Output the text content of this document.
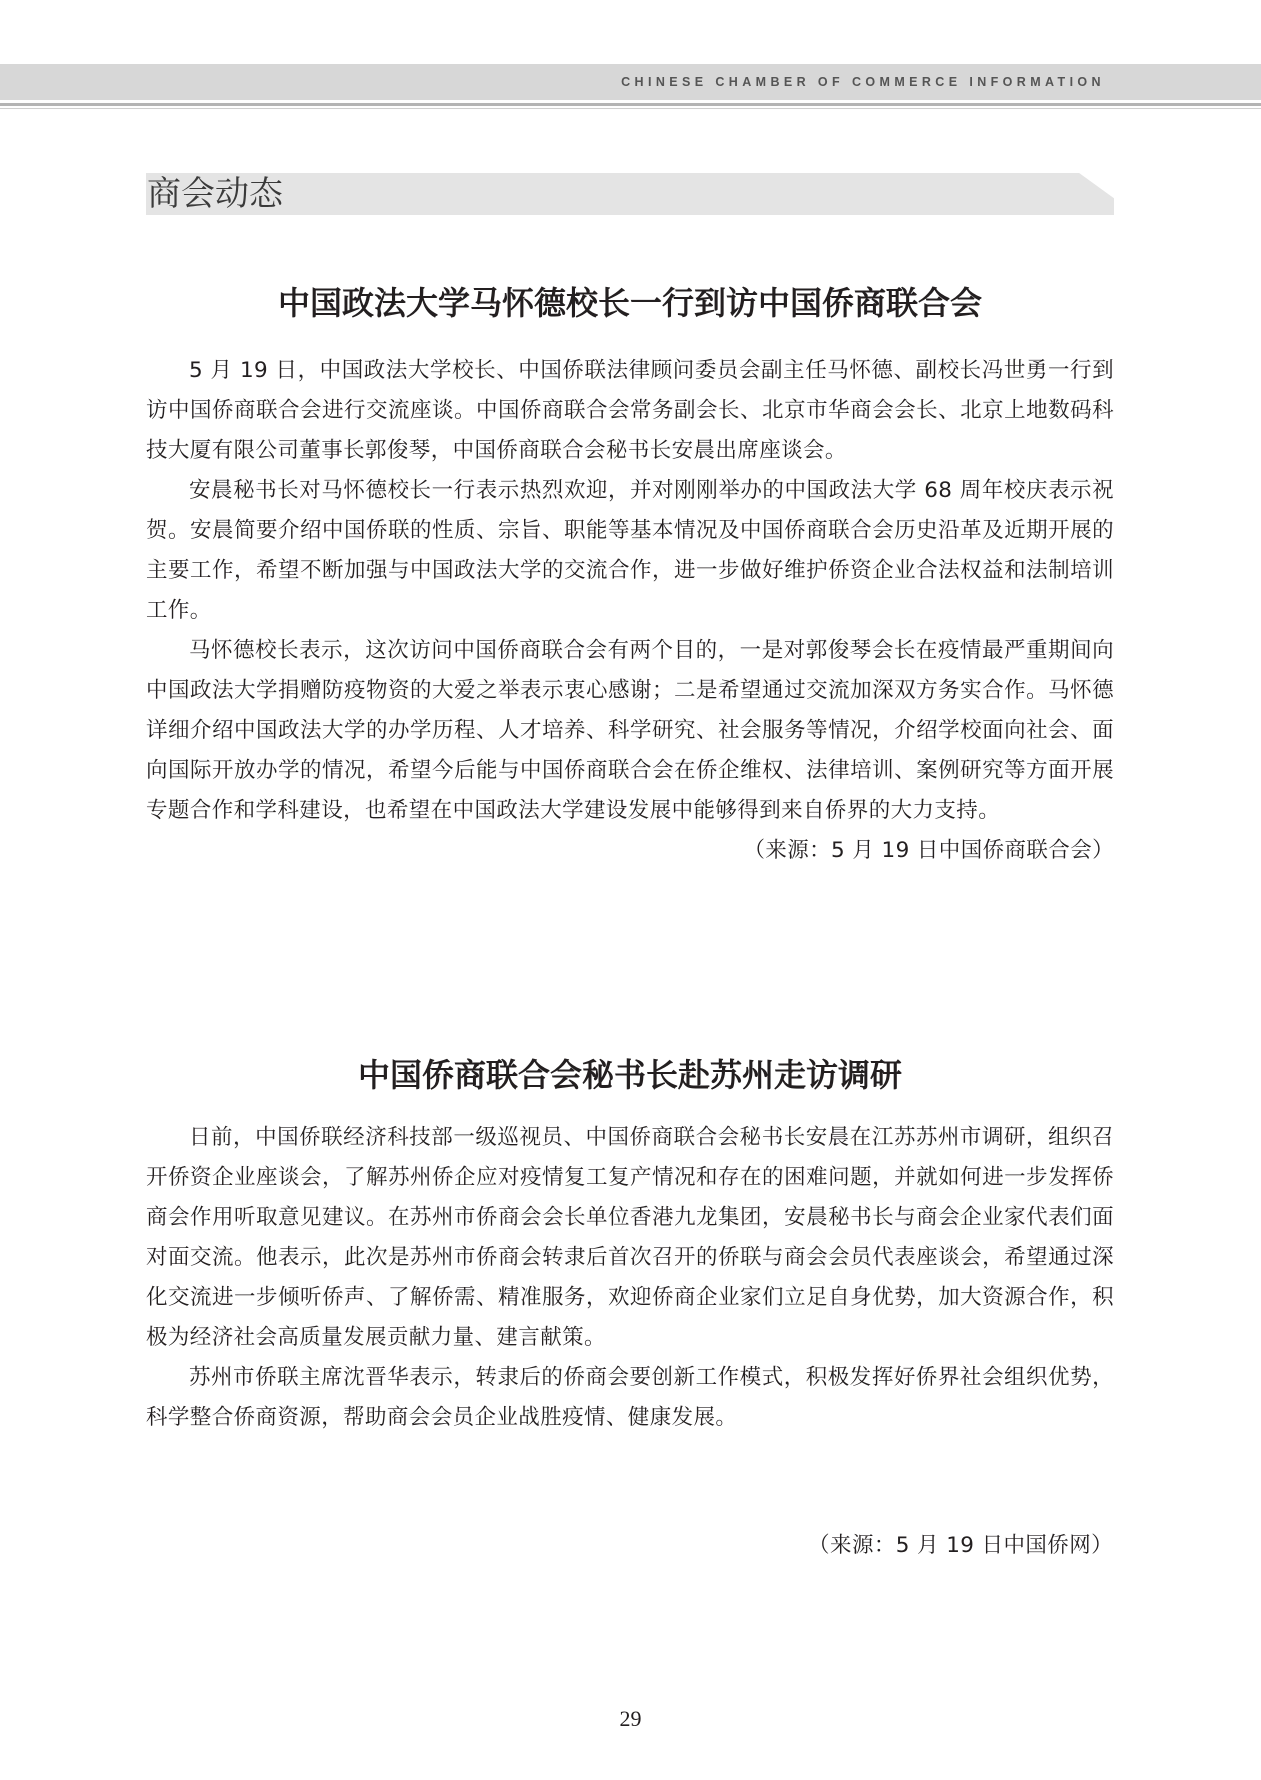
CHINESE CHAMBER OF COMMERCE INFORMATION
商会动态
中国政法大学马怀德校长一行到访中国侨商联合会

5 月 19 日，中国政法大学校长、中国侨联法律顾问委员会副主任马怀德、副校长冯世勇一行到访中国侨商联合会进行交流座谈。中国侨商联合会常务副会长、北京市华商会会长、北京上地数码科技大厦有限公司董事长郭俊琴，中国侨商联合会秘书长安晨出席座谈会。

安晨秘书长对马怀德校长一行表示热烈欢迎，并对刚刚举办的中国政法大学 68 周年校庆表示祝贺。安晨简要介绍中国侨联的性质、宗旨、职能等基本情况及中国侨商联合会历史沿革及近期开展的主要工作，希望不断加强与中国政法大学的交流合作，进一步做好维护侨资企业合法权益和法制培训工作。

马怀德校长表示，这次访问中国侨商联合会有两个目的，一是对郭俊琴会长在疫情最严重期间向中国政法大学捐赠防疫物资的大爱之举表示衷心感谢；二是希望通过交流加深双方务实合作。马怀德详细介绍中国政法大学的办学历程、人才培养、科学研究、社会服务等情况，介绍学校面向社会、面向国际开放办学的情况，希望今后能与中国侨商联合会在侨企维权、法律培训、案例研究等方面开展专题合作和学科建设，也希望在中国政法大学建设发展中能够得到来自侨界的大力支持。
（来源：5 月 19 日中国侨商联合会）

中国侨商联合会秘书长赴苏州走访调研

日前，中国侨联经济科技部一级巡视员、中国侨商联合会秘书长安晨在江苏苏州市调研，组织召开侨资企业座谈会，了解苏州侨企应对疫情复工复产情况和存在的困难问题，并就如何进一步发挥侨商会作用听取意见建议。在苏州市侨商会会长单位香港九龙集团，安晨秘书长与商会企业家代表们面对面交流。他表示，此次是苏州市侨商会转隶后首次召开的侨联与商会会员代表座谈会，希望通过深化交流进一步倾听侨声、了解侨需、精准服务，欢迎侨商企业家们立足自身优势，加大资源合作，积极为经济社会高质量发展贡献力量、建言献策。

苏州市侨联主席沈晋华表示，转隶后的侨商会要创新工作模式，积极发挥好侨界社会组织优势，科学整合侨商资源，帮助商会会员企业战胜疫情、健康发展。

（来源：5 月 19 日中国侨网）
29
